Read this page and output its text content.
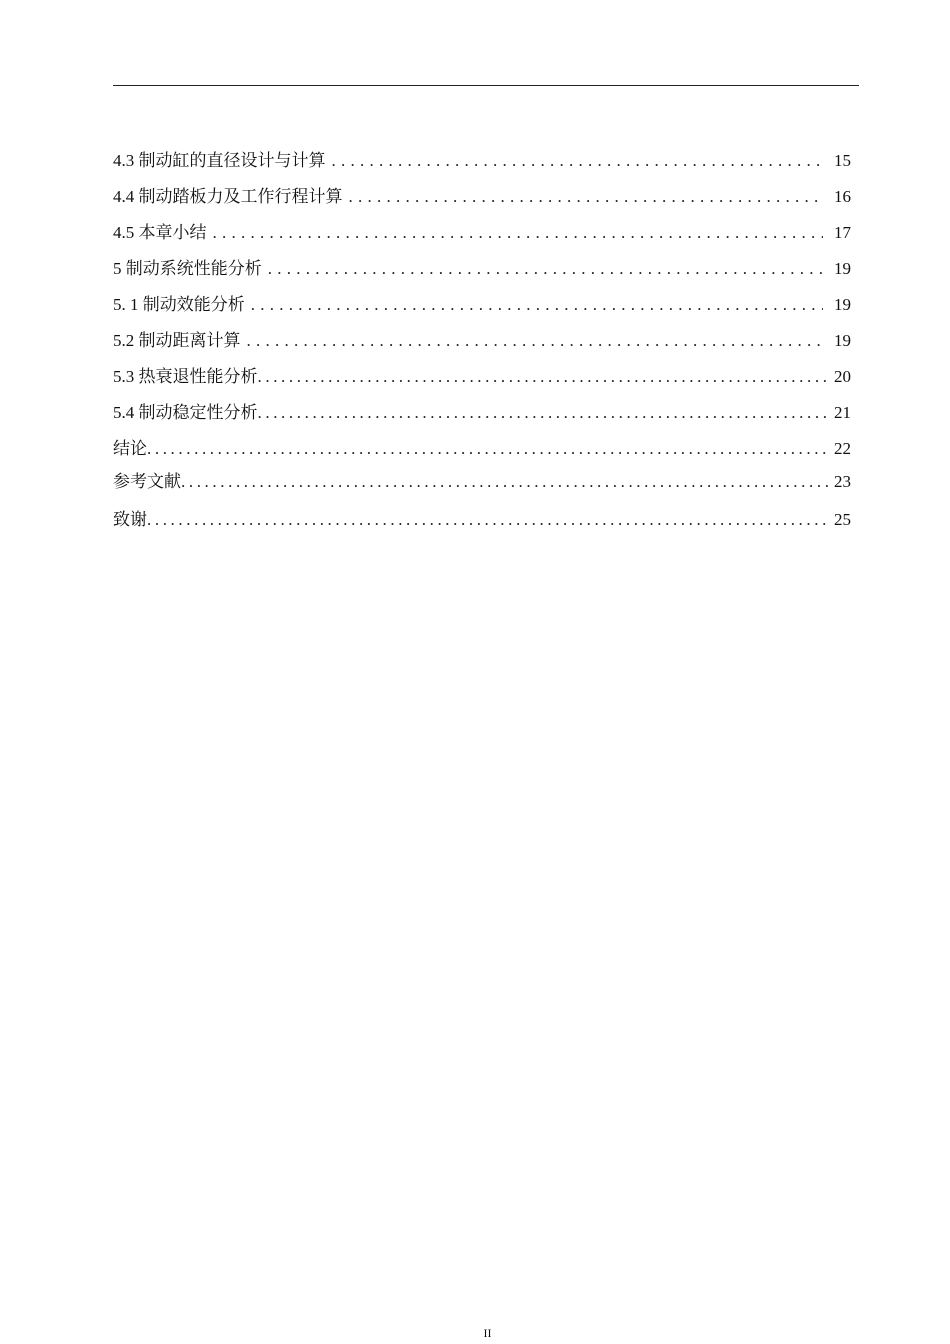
4.3 制动缸的直径设计与计算 . . .	15
4.4 制动踏板力及工作行程计算 . . .	16
4.5 本章小结 . . .	17
5 制动系统性能分析 . . .	19
5. 1 制动效能分析 . . .	19
5.2 制动距离计算 . . .	19
5.3 热衰退性能分析 .....	20
5.4 制动稳定性分析 .....	21
结论 .....	22
参考文献 .....	23
致谢 .....	25
II
